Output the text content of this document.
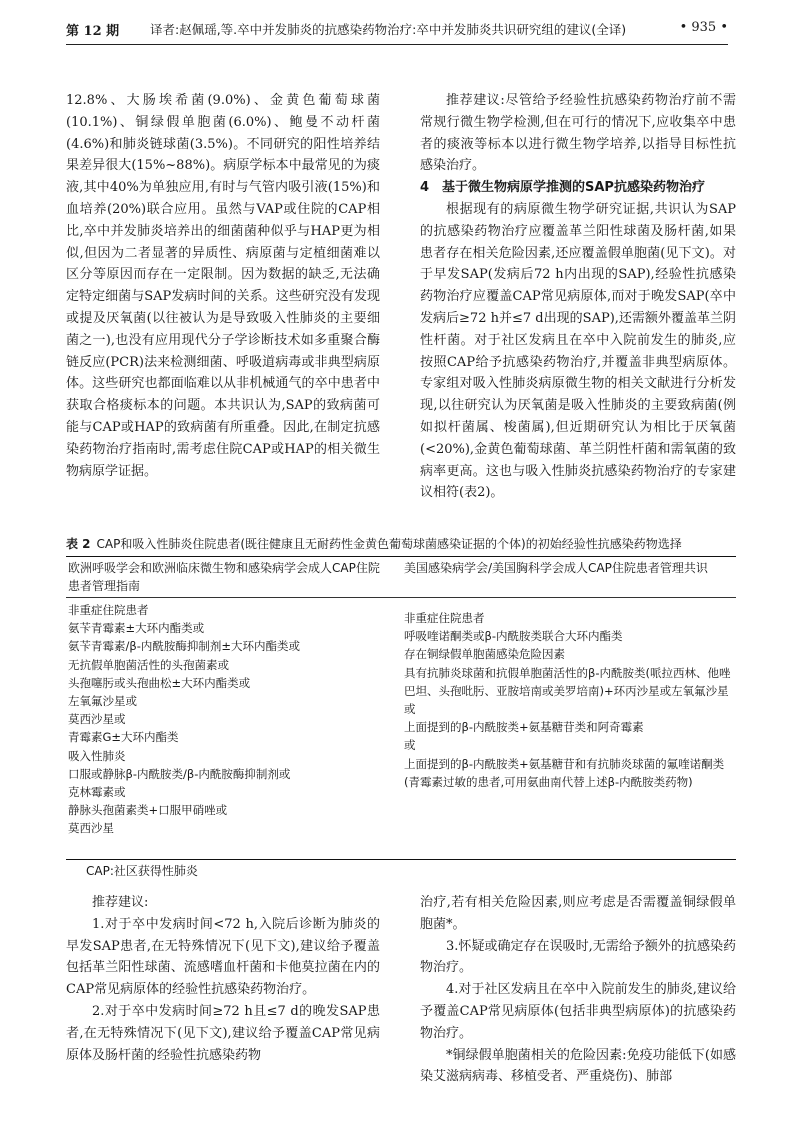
第 12 期 译者:赵佩瑶,等.卒中并发肺炎的抗感染药物治疗:卒中并发肺炎共识研究组的建议(全译)	• 935 •

12.8%、大肠埃希菌(9.0%)、金黄色葡萄球菌(10.1%)、铜绿假单胞菌(6.0%)、鲍曼不动杆菌(4.6%)和肺炎链球菌(3.5%)。不同研究的阳性培养结果差异很大(15%~88%)。病原学标本中最常见的为痰液,其中40%为单独应用,有时与气管内吸引液(15%)和血培养(20%)联合应用。虽然与VAP或住院的CAP相比,卒中并发肺炎培养出的细菌菌种似乎与HAP更为相似,但因为二者显著的异质性、病原菌与定植细菌难以区分等原因而存在一定限制。因为数据的缺乏,无法确定特定细菌与SAP发病时间的关系。这些研究没有发现或提及厌氧菌(以往被认为是导致吸入性肺炎的主要细菌之一),也没有应用现代分子学诊断技术如多重聚合酶链反应(PCR)法来检测细菌、呼吸道病毒或非典型病原体。这些研究也都面临难以从非机械通气的卒中患者中获取合格痰标本的问题。本共识认为,SAP的致病菌可能与CAP或HAP的致病菌有所重叠。因此,在制定抗感染药物治疗指南时,需考虑住院CAP或HAP的相关微生物病原学证据。

推荐建议:尽管给予经验性抗感染药物治疗前不需常规行微生物学检测,但在可行的情况下,应收集卒中患者的痰液等标本以进行微生物学培养,以指导目标性抗感染治疗。

4 基于微生物病原学推测的SAP抗感染药物治疗

根据现有的病原微生物学研究证据,共识认为SAP的抗感染药物治疗应覆盖革兰阳性球菌及肠杆菌,如果患者存在相关危险因素,还应覆盖假单胞菌(见下文)。对于早发SAP(发病后72 h内出现的SAP),经验性抗感染药物治疗应覆盖CAP常见病原体,而对于晚发SAP(卒中发病后≥72 h并≤7 d出现的SAP),还需额外覆盖革兰阴性杆菌。对于社区发病且在卒中入院前发生的肺炎,应按照CAP给予抗感染药物治疗,并覆盖非典型病原体。专家组对吸入性肺炎病原微生物的相关文献进行分析发现,以往研究认为厌氧菌是吸入性肺炎的主要致病菌(例如拟杆菌属、梭菌属),但近期研究认为相比于厌氧菌(<20%),金黄色葡萄球菌、革兰阴性杆菌和需氧菌的致病率更高。这也与吸入性肺炎抗感染药物治疗的专家建议相符(表2)。

表 2 CAP和吸入性肺炎住院患者(既往健康且无耐药性金黄色葡萄球菌感染证据的个体)的初始经验性抗感染药物选择
欧洲呼吸学会和欧洲临床微生物和感染病学会成人CAP住院患者管理指南
美国感染病学会/美国胸科学会成人CAP住院患者管理共识
非重症住院患者
氨苄青霉素±大环内酯类或
氨苄青霉素/β-内酰胺酶抑制剂±大环内酯类或
无抗假单胞菌活性的头孢菌素或
头孢噻肟或头孢曲松±大环内酯类或
左氧氟沙星或
莫西沙星或
青霉素G±大环内酯类
吸入性肺炎
口服或静脉β-内酰胺类/β-内酰胺酶抑制剂或
克林霉素或
静脉头孢菌素类+口服甲硝唑或
莫西沙星
非重症住院患者
呼吸喹诺酮类或β-内酰胺类联合大环内酯类
存在铜绿假单胞菌感染危险因素
具有抗肺炎球菌和抗假单胞菌活性的β-内酰胺类(哌拉西林、他唑巴坦、头孢吡肟、亚胺培南或美罗培南)+环丙沙星或左氧氟沙星
或
上面提到的β-内酰胺类+氨基糖苷类和阿奇霉素
或
上面提到的β-内酰胺类+氨基糖苷和有抗肺炎球菌的氟喹诺酮类(青霉素过敏的患者,可用氨曲南代替上述β-内酰胺类药物)
CAP:社区获得性肺炎

推荐建议:

1.对于卒中发病时间<72 h,入院后诊断为肺炎的早发SAP患者,在无特殊情况下(见下文),建议给予覆盖包括革兰阳性球菌、流感嗜血杆菌和卡他莫拉菌在内的CAP常见病原体的经验性抗感染药物治疗。

2.对于卒中发病时间≥72 h且≤7 d的晚发SAP患者,在无特殊情况下(见下文),建议给予覆盖CAP常见病原体及肠杆菌的经验性抗感染药物

治疗,若有相关危险因素,则应考虑是否需覆盖铜绿假单胞菌*。

3.怀疑或确定存在误吸时,无需给予额外的抗感染药物治疗。

4.对于社区发病且在卒中入院前发生的肺炎,建议给予覆盖CAP常见病原体(包括非典型病原体)的抗感染药物治疗。

*铜绿假单胞菌相关的危险因素:免疫功能低下(如感染艾滋病病毒、移植受者、严重烧伤)、肺部
